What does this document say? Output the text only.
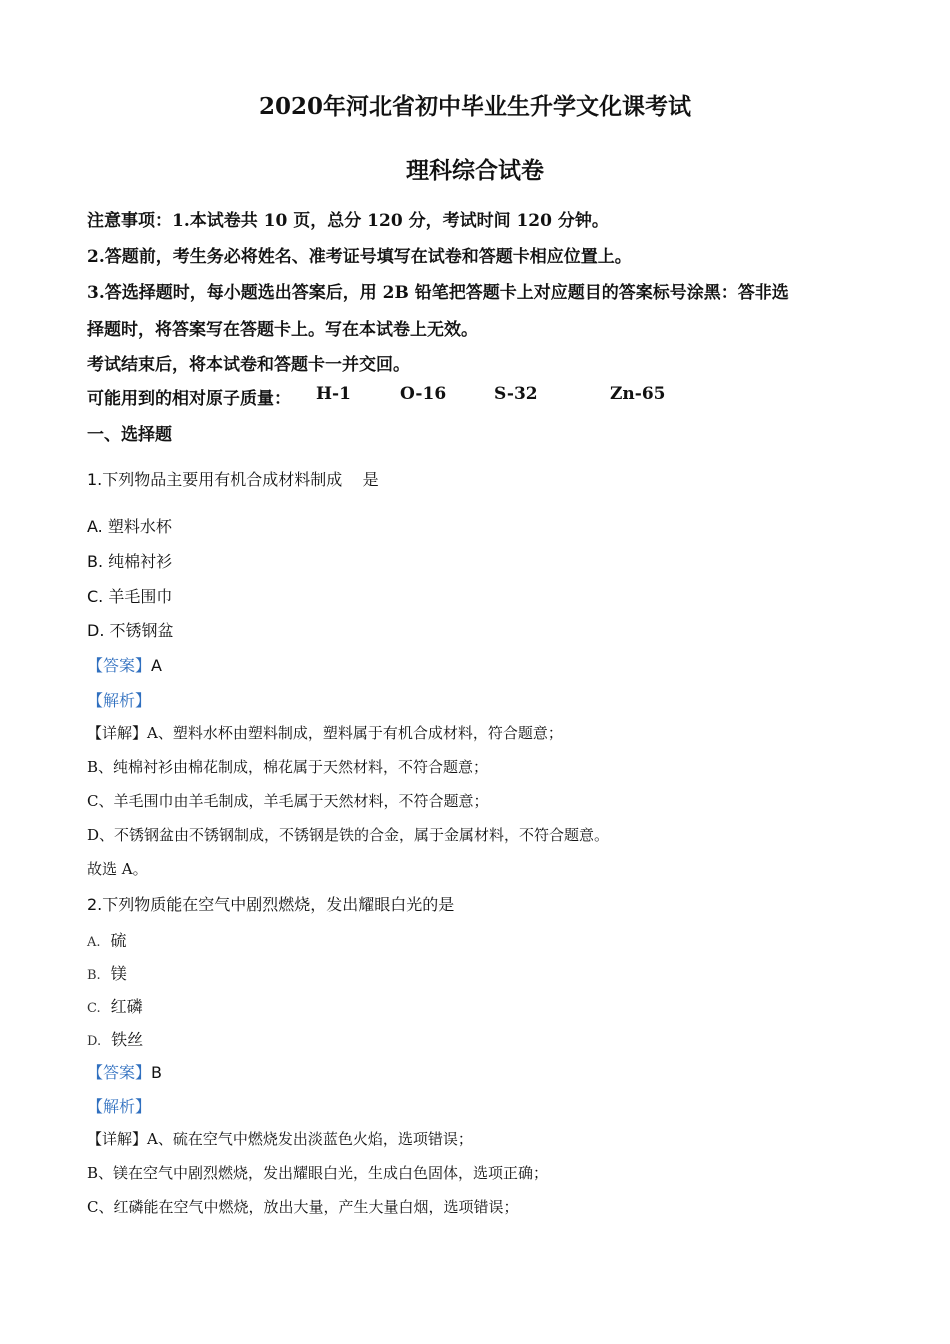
2020年河北省初中毕业生升学文化课考试
理科综合试卷
注意事项：1.本试卷共 10 页，总分 120 分，考试时间 120 分钟。
2.答题前，考生务必将姓名、准考证号填写在试卷和答题卡相应位置上。
3.答选择题时，每小题选出答案后，用 2B 铅笔把答题卡上对应题目的答案标号涂黑：答非选
择题时，将答案写在答题卡上。写在本试卷上无效。
考试结束后，将本试卷和答题卡一并交回。
可能用到的相对原子质量： H-1	O-16	S-32	Zn-65
一、选择题
1.下列物品主要用有机合成材料制成    是
A. 塑料水杯
B. 纯棉衬衫
C. 羊毛围巾
D. 不锈钢盆
【答案】A
【解析】
【详解】A、塑料水杯由塑料制成，塑料属于有机合成材料，符合题意；
B、纯棉衬衫由棉花制成，棉花属于天然材料，不符合题意；
C、羊毛围巾由羊毛制成，羊毛属于天然材料，不符合题意；
D、不锈钢盆由不锈钢制成，不锈钢是铁的合金，属于金属材料，不符合题意。
故选 A。
2.下列物质能在空气中剧烈燃烧，发出耀眼白光的是
A. 硫
B. 镁
C. 红磷
D. 铁丝
【答案】B
【解析】
【详解】A、硫在空气中燃烧发出淡蓝色火焰，选项错误；
B、镁在空气中剧烈燃烧，发出耀眼白光，生成白色固体，选项正确；
C、红磷能在空气中燃烧，放出大量，产生大量白烟，选项错误；
